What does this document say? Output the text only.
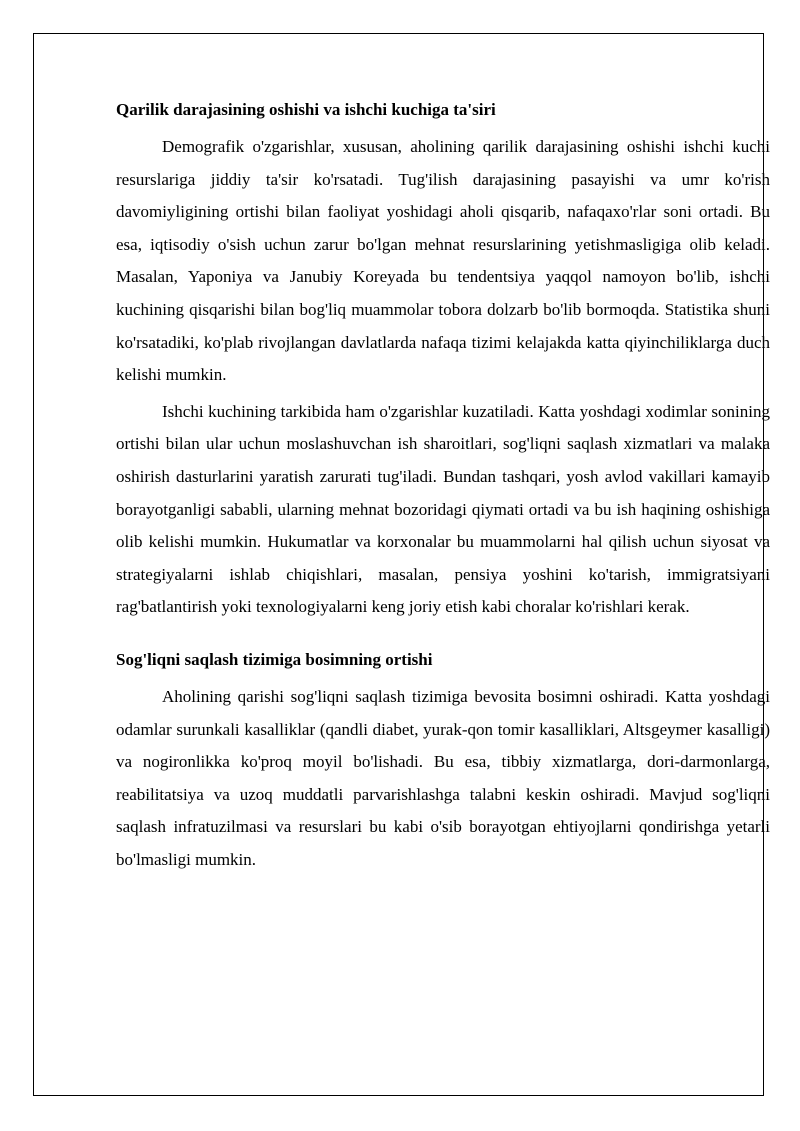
Qarilik darajasining oshishi va ishchi kuchiga ta'siri

Demografik o'zgarishlar, xususan, aholining qarilik darajasining oshishi ishchi kuchi resurslariga jiddiy ta'sir ko'rsatadi. Tug'ilish darajasining pasayishi va umr ko'rish davomiyligining ortishi bilan faoliyat yoshidagi aholi qisqarib, nafaqaxo'rlar soni ortadi. Bu esa, iqtisodiy o'sish uchun zarur bo'lgan mehnat resurslarining yetishmasligiga olib keladi. Masalan, Yaponiya va Janubiy Koreyada bu tendentsiya yaqqol namoyon bo'lib, ishchi kuchining qisqarishi bilan bog'liq muammolar tobora dolzarb bo'lib bormoqda. Statistika shuni ko'rsatadiki, ko'plab rivojlangan davlatlarda nafaqa tizimi kelajakda katta qiyinchiliklarga duch kelishi mumkin.

Ishchi kuchining tarkibida ham o'zgarishlar kuzatiladi. Katta yoshdagi xodimlar sonining ortishi bilan ular uchun moslashuvchan ish sharoitlari, sog'liqni saqlash xizmatlari va malaka oshirish dasturlarini yaratish zarurati tug'iladi. Bundan tashqari, yosh avlod vakillari kamayib borayotganligi sababli, ularning mehnat bozoridagi qiymati ortadi va bu ish haqining oshishiga olib kelishi mumkin. Hukumatlar va korxonalar bu muammolarni hal qilish uchun siyosat va strategiyalarni ishlab chiqishlari, masalan, pensiya yoshini ko'tarish, immigratsiyani rag'batlantirish yoki texnologiyalarni keng joriy etish kabi choralar ko'rishlari kerak.

Sog'liqni saqlash tizimiga bosimning ortishi

Aholining qarishi sog'liqni saqlash tizimiga bevosita bosimni oshiradi. Katta yoshdagi odamlar surunkali kasalliklar (qandli diabet, yurak-qon tomir kasalliklari, Altsgeymer kasalligi) va nogironlikka ko'proq moyil bo'lishadi. Bu esa, tibbiy xizmatlarga, dori-darmonlarga, reabilitatsiya va uzoq muddatli parvarishlashga talabni keskin oshiradi. Mavjud sog'liqni saqlash infratuzilmasi va resurslari bu kabi o'sib borayotgan ehtiyojlarni qondirishga yetarli bo'lmasligi mumkin.
